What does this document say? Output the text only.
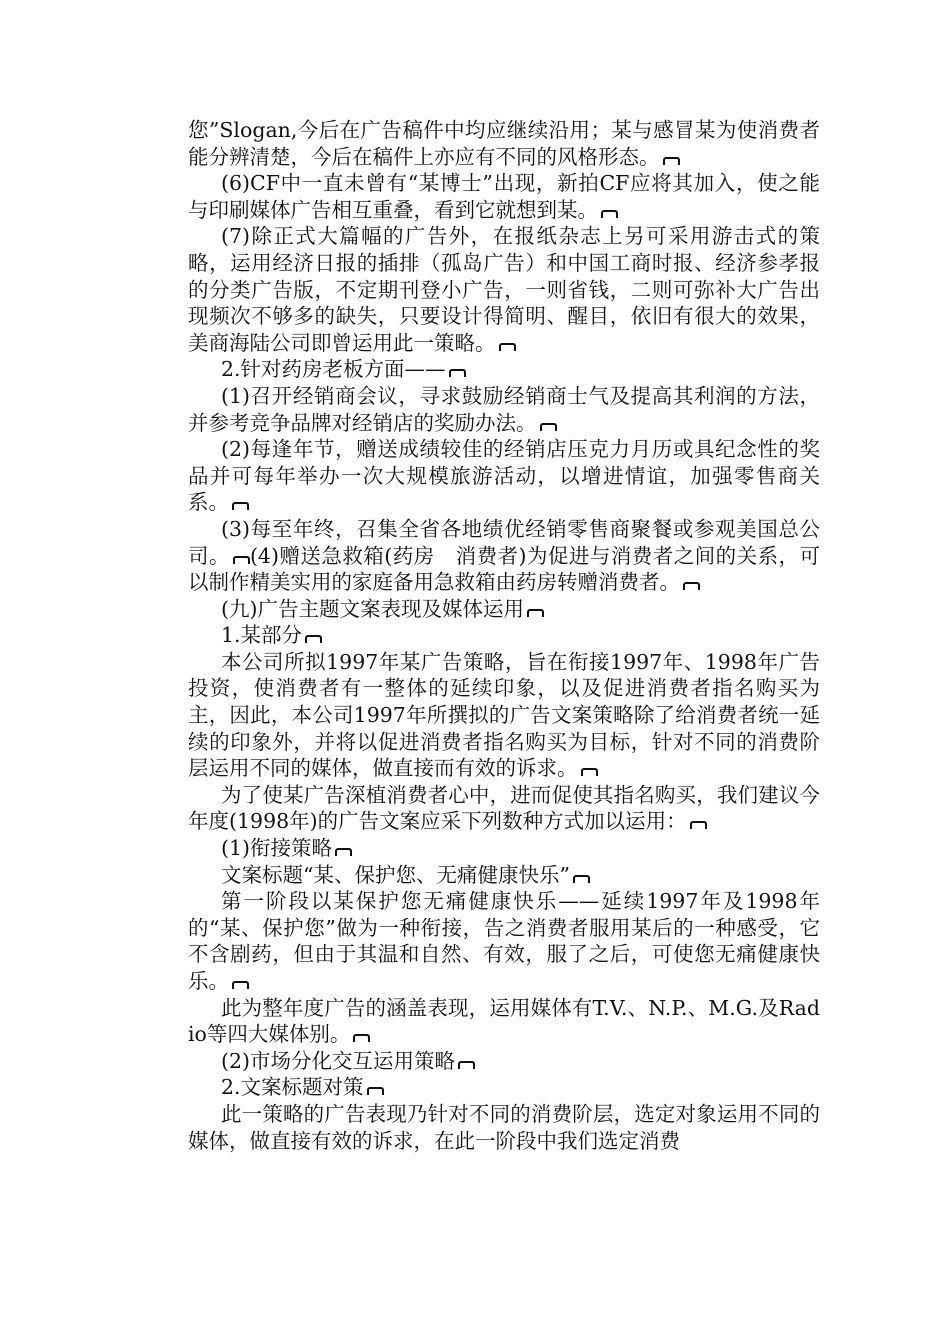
您”Slogan,今后在广告稿件中均应继续沿用；某与感冒某为使消费者能分辨清楚，今后在稿件上亦应有不同的风格形态。

(6)CF中一直未曾有“某博士”出现，新拍CF应将其加入，使之能与印刷媒体广告相互重叠，看到它就想到某。

(7)除正式大篇幅的广告外，在报纸杂志上另可采用游击式的策略，运用经济日报的插排（孤岛广告）和中国工商时报、经济参孝报的分类广告版，不定期刊登小广告，一则省钱，二则可弥补大广告出现频次不够多的缺失，只要设计得简明、醒目，依旧有很大的效果，美商海陆公司即曾运用此一策略。

2.针对药房老板方面——

(1)召开经销商会议，寻求鼓励经销商士气及提高其利润的方法，并参考竞争品牌对经销店的奖励办法。

(2)每逢年节，赠送成绩较佳的经销店压克力月历或具纪念性的奖品并可每年举办一次大规模旅游活动，以增进情谊，加强零售商关系。

(3)每至年终，召集全省各地绩优经销零售商聚餐或参观美国总公司。 (4)赠送急救箱(药房　消费者)为促进与消费者之间的关系，可以制作精美实用的家庭备用急救箱由药房转赠消费者。

(九)广告主题文案表现及媒体运用

1.某部分

本公司所拟1997年某广告策略，旨在衔接1997年、1998年广告投资，使消费者有一整体的延续印象，以及促进消费者指名购买为主，因此，本公司1997年所撰拟的广告文案策略除了给消费者统一延续的印象外，并将以促进消费者指名购买为目标，针对不同的消费阶层运用不同的媒体，做直接而有效的诉求。

为了使某广告深植消费者心中，进而促使其指名购买，我们建议今年度(1998年)的广告文案应采下列数种方式加以运用：

(1)衔接策略

文案标题“某、保护您、无痛健康快乐”

第一阶段以某保护您无痛健康快乐——延续1997年及1998年的“某、保护您”做为一种衔接，告之消费者服用某后的一种感受，它不含剧药，但由于其温和自然、有效，服了之后，可使您无痛健康快乐。

此为整年度广告的涵盖表现，运用媒体有T.V.、N.P.、M.G.及Radio等四大媒体别。

(2)市场分化交互运用策略

2.文案标题对策

此一策略的广告表现乃针对不同的消费阶层，选定对象运用不同的媒体，做直接有效的诉求，在此一阶段中我们选定消费
